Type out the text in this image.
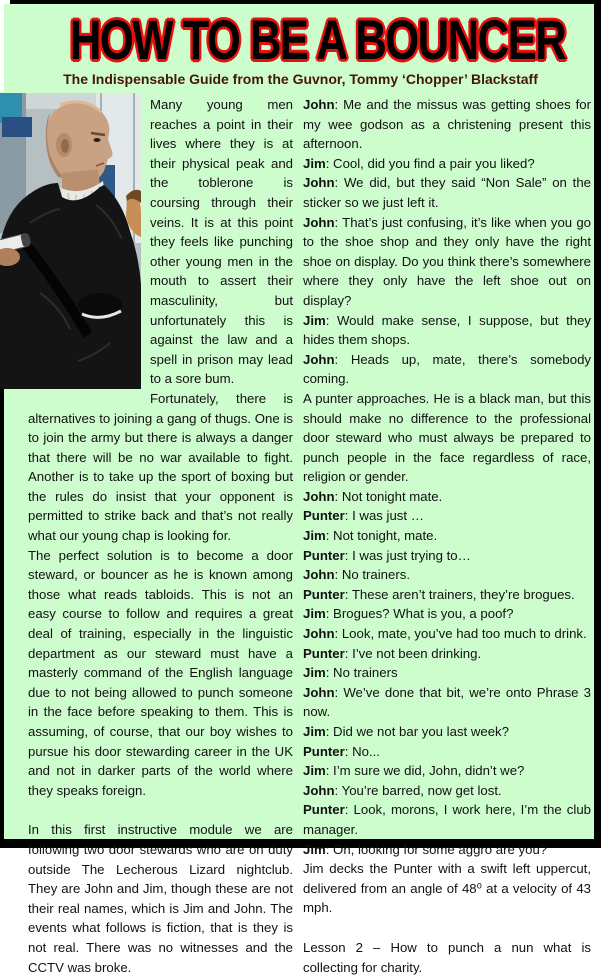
HOW TO BE A BOUNCER
The Indispensable Guide from the Guvnor, Tommy ‘Chopper’ Blackstaff

Many young men reaches a point in their lives where they is at their physical peak and the toblerone is coursing through their veins. It is at this point they feels like punching other young men in the mouth to assert their masculinity, but unfortunately this is against the law and a spell in prison may lead to a sore bum.

Fortunately, there is alternatives to joining a gang of thugs. One is to join the army but there is always a danger that there will be no war available to fight. Another is to take up the sport of boxing but the rules do insist that your opponent is permitted to strike back and that’s not really what our young chap is looking for.

The perfect solution is to become a door steward, or bouncer as he is known among those what reads tabloids. This is not an easy course to follow and requires a great deal of training, especially in the linguistic department as our steward must have a masterly command of the English language due to not being allowed to punch someone in the face before speaking to them. This is assuming, of course, that our boy wishes to pursue his door stewarding career in the UK and not in darker parts of the world where they speaks foreign.

In this first instructive module we are following two door stewards who are on duty outside The Lecherous Lizard nightclub. They are John and Jim, though these are not their real names, which is Jim and John. The events what follows is fiction, that is they is not real. There was no witnesses and the CCTV was broke.

John: Me and the missus was getting shoes for my wee godson as a christening present this afternoon.

Jim: Cool, did you find a pair you liked?

John: We did, but they said “Non Sale” on the sticker so we just left it.

John: That’s just confusing, it’s like when you go to the shoe shop and they only have the right shoe on display. Do you think there’s somewhere where they only have the left shoe out on display?

Jim: Would make sense, I suppose, but they hides them shops.

John: Heads up, mate, there’s somebody coming.

A punter approaches. He is a black man, but this should make no difference to the professional door steward who must always be prepared to punch people in the face regardless of race, religion or gender.

John: Not tonight mate.

Punter: I was just …

Jim: Not tonight, mate.

Punter: I was just trying to…

John: No trainers.

Punter: These aren’t trainers, they’re brogues.

Jim: Brogues? What is you, a poof?

John: Look, mate, you’ve had too much to drink.

Punter: I’ve not been drinking.

Jim: No trainers

John: We’ve done that bit, we’re onto Phrase 3 now.

Jim: Did we not bar you last week?

Punter: No...

Jim: I’m sure we did, John, didn’t we?

John: You’re barred, now get lost.

Punter: Look, morons, I work here, I’m the club manager.

Jim: Oh, looking for some aggro are you?

Jim decks the Punter with a swift left uppercut, delivered from an angle of 48⁰ at a velocity of 43 mph.

Lesson 2 – How to punch a nun what is collecting for charity.
